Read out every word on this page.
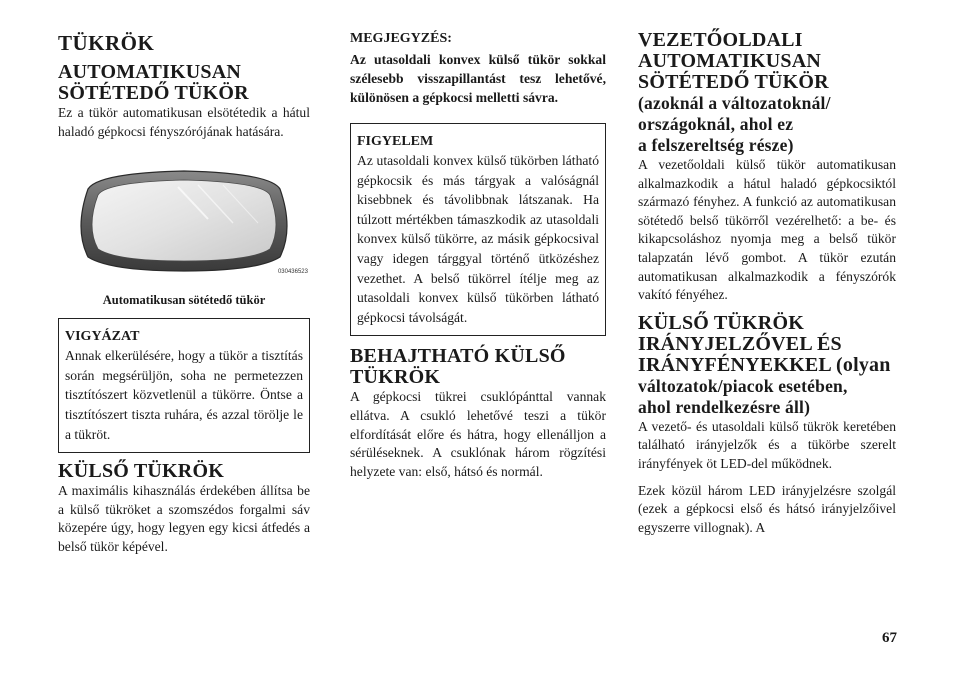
TÜKRÖK
AUTOMATIKUSAN
SÖTÉTEDŐ TÜKÖR

Ez a tükör automatikusan elsötétedik a hátul haladó gépkocsi fényszórójának hatására.

030436523
Automatikusan sötétedő tükör
VIGYÁZAT

Annak elkerülésére, hogy a tükör a tisztítás során megsérüljön, soha ne permetezzen tisztítószert közvetlenül a tükörre. Öntse a tisztítószert tiszta ruhára, és azzal törölje le a tükröt.

KÜLSŐ TÜKRÖK

A maximális kihasználás érdekében állítsa be a külső tükröket a szomszédos forgalmi sáv közepére úgy, hogy legyen egy kicsi átfedés a belső tükör képével.

MEGJEGYZÉS:

Az utasoldali konvex külső tükör sokkal szélesebb visszapillantást tesz lehetővé, különösen a gépkocsi melletti sávra.

FIGYELEM

Az utasoldali konvex külső tükörben látható gépkocsik és más tárgyak a valóságnál kisebbnek és távolibbnak látszanak. Ha túlzott mértékben támaszkodik az utasoldali konvex külső tükörre, az másik gépkocsival vagy idegen tárggyal történő ütközéshez vezethet. A belső tükörrel ítélje meg az utasoldali konvex külső tükörben látható gépkocsi távolságát.

BEHAJTHATÓ KÜLSŐ
TÜKRÖK

A gépkocsi tükrei csuklópánttal vannak ellátva. A csukló lehetővé teszi a tükör elfordítását előre és hátra, hogy ellenálljon a sérüléseknek. A csuklónak három rögzítési helyzete van: első, hátsó és normál.

VEZETŐOLDALI
AUTOMATIKUSAN
SÖTÉTEDŐ TÜKÖR
(azoknál a változatoknál/
országoknál, ahol ez
a felszereltség része)

A vezetőoldali külső tükör automatikusan alkalmazkodik a hátul haladó gépkocsiktól származó fényhez. A funkció az automatikusan sötétedő belső tükörről vezérelhető: a be- és kikapcsoláshoz nyomja meg a belső tükör talapzatán lévő gombot. A tükör ezután automatikusan alkalmazkodik a fényszórók vakító fényéhez.

KÜLSŐ TÜKRÖK
IRÁNYJELZŐVEL ÉS
IRÁNYFÉNYEKKEL (olyan
változatok/piacok esetében,
ahol rendelkezésre áll)

A vezető- és utasoldali külső tükrök keretében található irányjelzők és a tükörbe szerelt irányfények öt LED-del működnek.

Ezek közül három LED irányjelzésre szolgál (ezek a gépkocsi első és hátsó irányjelzőivel egyszerre villognak). A

67
